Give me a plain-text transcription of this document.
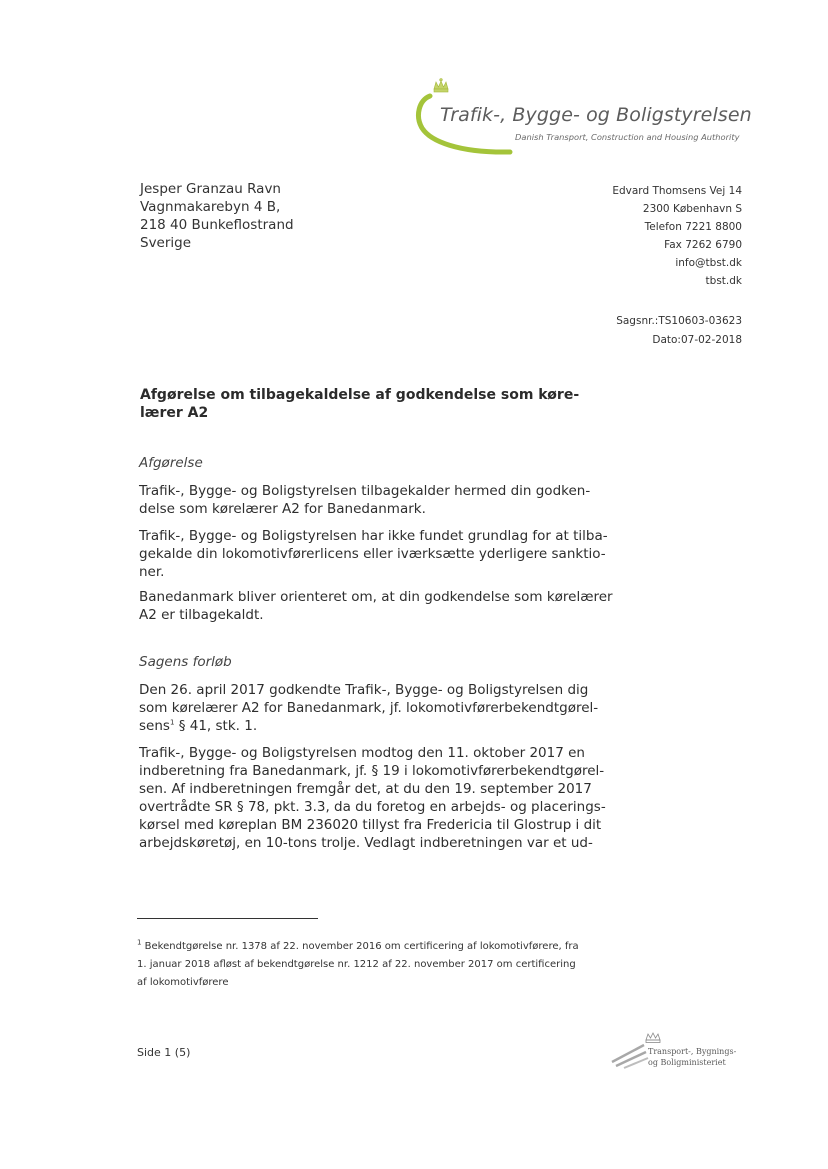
Trafik-, Bygge- og Boligstyrelsen
Danish Transport, Construction and Housing Authority
Jesper Granzau Ravn
Vagnmakarebyn 4 B,
218 40 Bunkeflostrand
Sverige
Edvard Thomsens Vej 14
2300 København S
Telefon 7221 8800
Fax 7262 6790
info@tbst.dk
tbst.dk
Sagsnr.:TS10603-03623
Dato:07-02-2018
Afgørelse om tilbagekaldelse af godkendelse som køre-
lærer A2
Afgørelse
Trafik-, Bygge- og Boligstyrelsen tilbagekalder hermed din godken-
delse som kørelærer A2 for Banedanmark.
Trafik-, Bygge- og Boligstyrelsen har ikke fundet grundlag for at tilba-
gekalde din lokomotivførerlicens eller iværksætte yderligere sanktio-
ner.
Banedanmark bliver orienteret om, at din godkendelse som kørelærer
A2 er tilbagekaldt.
Sagens forløb
Den 26. april 2017 godkendte Trafik-, Bygge- og Boligstyrelsen dig
som kørelærer A2 for Banedanmark, jf. lokomotivførerbekendtgørel-
sens$^1$ § 41, stk. 1.
Trafik-, Bygge- og Boligstyrelsen modtog den 11. oktober 2017 en
indberetning fra Banedanmark, jf. § 19 i lokomotivførerbekendtgørel-
sen. Af indberetningen fremgår det, at du den 19. september 2017
overtrådte SR § 78, pkt. 3.3, da du foretog en arbejds- og placerings-
kørsel med køreplan BM 236020 tillyst fra Fredericia til Glostrup i dit
arbejdskøretøj, en 10-tons trolje. Vedlagt indberetningen var et ud-
$^1$ Bekendtgørelse nr. 1378 af 22. november 2016 om certificering af lokomotivførere, fra
1. januar 2018 afløst af bekendtgørelse nr. 1212 af 22. november 2017 om certificering
af lokomotivførere
Side 1 (5)	Transport-, Bygnings-
og Boligministeriet
